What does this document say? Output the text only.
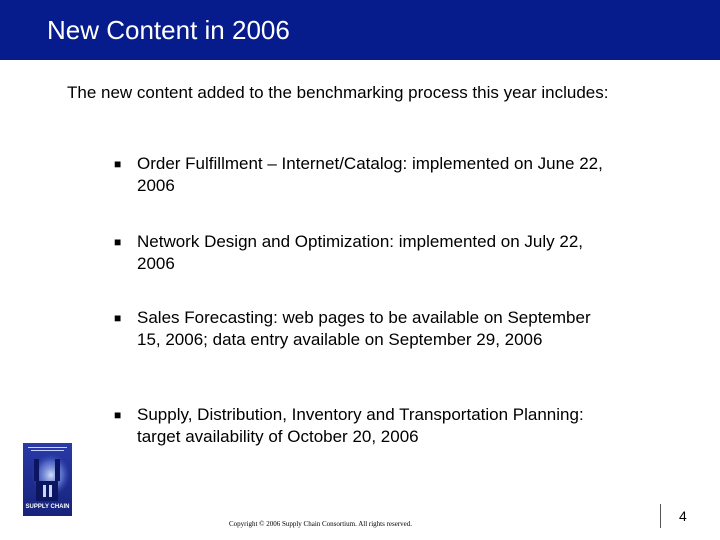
New Content in 2006
The new content added to the benchmarking process this year includes:
■ Order Fulfillment – Internet/Catalog: implemented on June 22, 2006
■ Network Design and Optimization: implemented on July 22, 2006
■ Sales Forecasting: web pages to be available on September 15, 2006; data entry available on September 29, 2006
■ Supply, Distribution, Inventory and Transportation Planning: target availability of October 20, 2006
SUPPLY CHAIN
Copyright © 2006 Supply Chain Consortium. All rights reserved.	4
